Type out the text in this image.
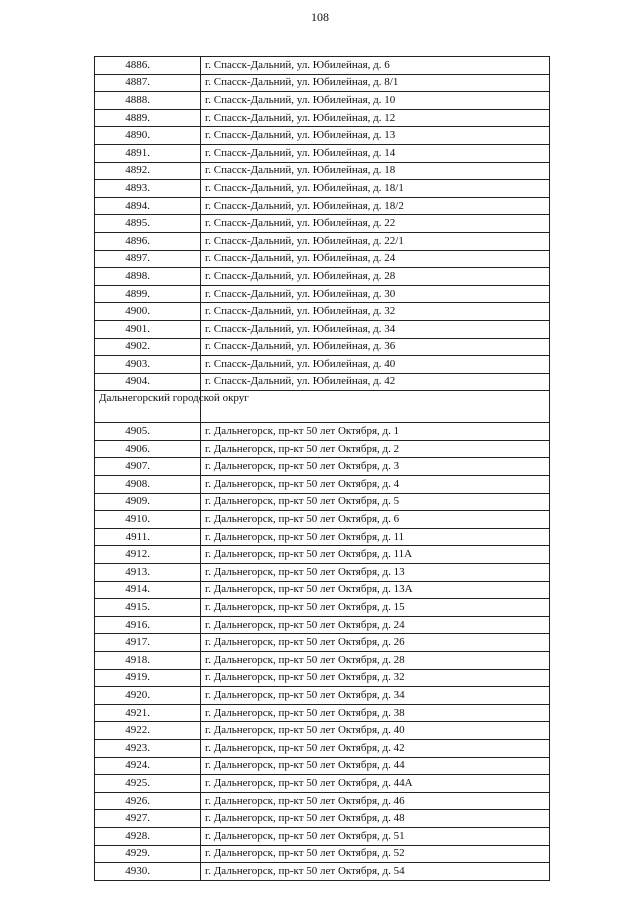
108
4886.	г. Спасск-Дальний, ул. Юбилейная, д. 6
4887.	г. Спасск-Дальний, ул. Юбилейная, д. 8/1
4888.	г. Спасск-Дальний, ул. Юбилейная, д. 10
4889.	г. Спасск-Дальний, ул. Юбилейная, д. 12
4890.	г. Спасск-Дальний, ул. Юбилейная, д. 13
4891.	г. Спасск-Дальний, ул. Юбилейная, д. 14
4892.	г. Спасск-Дальний, ул. Юбилейная, д. 18
4893.	г. Спасск-Дальний, ул. Юбилейная, д. 18/1
4894.	г. Спасск-Дальний, ул. Юбилейная, д. 18/2
4895.	г. Спасск-Дальний, ул. Юбилейная, д. 22
4896.	г. Спасск-Дальний, ул. Юбилейная, д. 22/1
4897.	г. Спасск-Дальний, ул. Юбилейная, д. 24
4898.	г. Спасск-Дальний, ул. Юбилейная, д. 28
4899.	г. Спасск-Дальний, ул. Юбилейная, д. 30
4900.	г. Спасск-Дальний, ул. Юбилейная, д. 32
4901.	г. Спасск-Дальний, ул. Юбилейная, д. 34
4902.	г. Спасск-Дальний, ул. Юбилейная, д. 36
4903.	г. Спасск-Дальний, ул. Юбилейная, д. 40
4904.	г. Спасск-Дальний, ул. Юбилейная, д. 42
Дальнегорский городской округ	
4905.	г. Дальнегорск, пр-кт 50 лет Октября, д. 1
4906.	г. Дальнегорск, пр-кт 50 лет Октября, д. 2
4907.	г. Дальнегорск, пр-кт 50 лет Октября, д. 3
4908.	г. Дальнегорск, пр-кт 50 лет Октября, д. 4
4909.	г. Дальнегорск, пр-кт 50 лет Октября, д. 5
4910.	г. Дальнегорск, пр-кт 50 лет Октября, д. 6
4911.	г. Дальнегорск, пр-кт 50 лет Октября, д. 11
4912.	г. Дальнегорск, пр-кт 50 лет Октября, д. 11А
4913.	г. Дальнегорск, пр-кт 50 лет Октября, д. 13
4914.	г. Дальнегорск, пр-кт 50 лет Октября, д. 13А
4915.	г. Дальнегорск, пр-кт 50 лет Октября, д. 15
4916.	г. Дальнегорск, пр-кт 50 лет Октября, д. 24
4917.	г. Дальнегорск, пр-кт 50 лет Октября, д. 26
4918.	г. Дальнегорск, пр-кт 50 лет Октября, д. 28
4919.	г. Дальнегорск, пр-кт 50 лет Октября, д. 32
4920.	г. Дальнегорск, пр-кт 50 лет Октября, д. 34
4921.	г. Дальнегорск, пр-кт 50 лет Октября, д. 38
4922.	г. Дальнегорск, пр-кт 50 лет Октября, д. 40
4923.	г. Дальнегорск, пр-кт 50 лет Октября, д. 42
4924.	г. Дальнегорск, пр-кт 50 лет Октября, д. 44
4925.	г. Дальнегорск, пр-кт 50 лет Октября, д. 44А
4926.	г. Дальнегорск, пр-кт 50 лет Октября, д. 46
4927.	г. Дальнегорск, пр-кт 50 лет Октября, д. 48
4928.	г. Дальнегорск, пр-кт 50 лет Октября, д. 51
4929.	г. Дальнегорск, пр-кт 50 лет Октября, д. 52
4930.	г. Дальнегорск, пр-кт 50 лет Октября, д. 54
